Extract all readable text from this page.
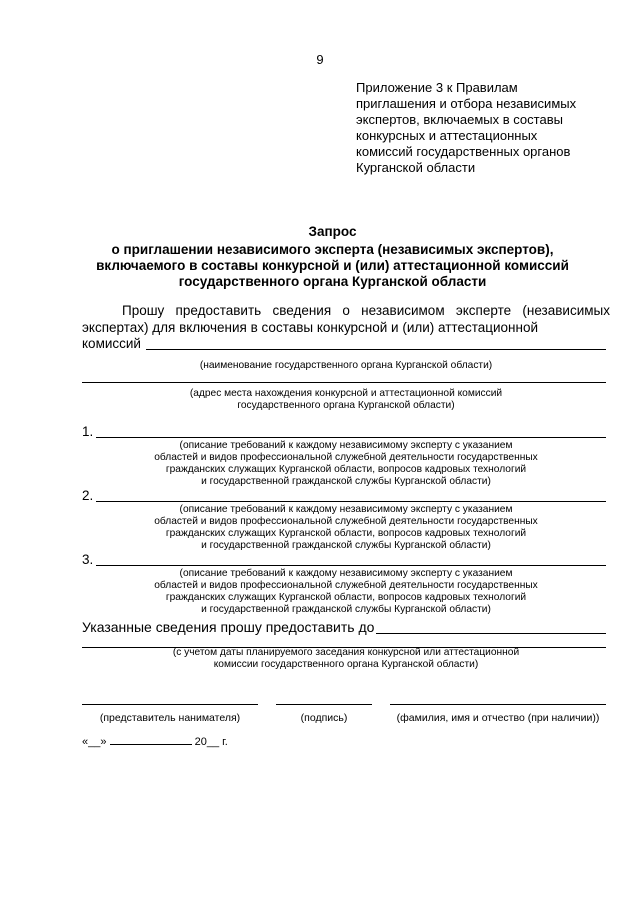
9
Приложение 3 к Правилам
приглашения и отбора независимых
экспертов, включаемых в составы
конкурсных и аттестационных
комиссий государственных органов
Курганской области
Запрос
о приглашении независимого эксперта (независимых экспертов), включаемого в составы конкурсной и (или) аттестационной комиссий государственного органа Курганской области
Прошу предоставить сведения о независимом эксперте (независимых экспертах) для включения в составы конкурсной и (или) аттестационной
комиссий
(наименование государственного органа Курганской области)
(адрес места нахождения конкурсной и аттестационной комиссий
государственного органа Курганской области)
1.
(описание требований к каждому независимому эксперту с указанием
областей и видов профессиональной служебной деятельности государственных
гражданских служащих Курганской области, вопросов кадровых технологий
и государственной гражданской службы Курганской области)
2.
(описание требований к каждому независимому эксперту с указанием
областей и видов профессиональной служебной деятельности государственных
гражданских служащих Курганской области, вопросов кадровых технологий
и государственной гражданской службы Курганской области)
3.
(описание требований к каждому независимому эксперту с указанием
областей и видов профессиональной служебной деятельности государственных
гражданских служащих Курганской области, вопросов кадровых технологий
и государственной гражданской службы Курганской области)
Указанные сведения прошу предоставить до
(с учетом даты планируемого заседания конкурсной или аттестационной
комиссии государственного органа Курганской области)
(представитель нанимателя)	(подпись)	(фамилия, имя и отчество (при наличии))
«__»	20__ г.
